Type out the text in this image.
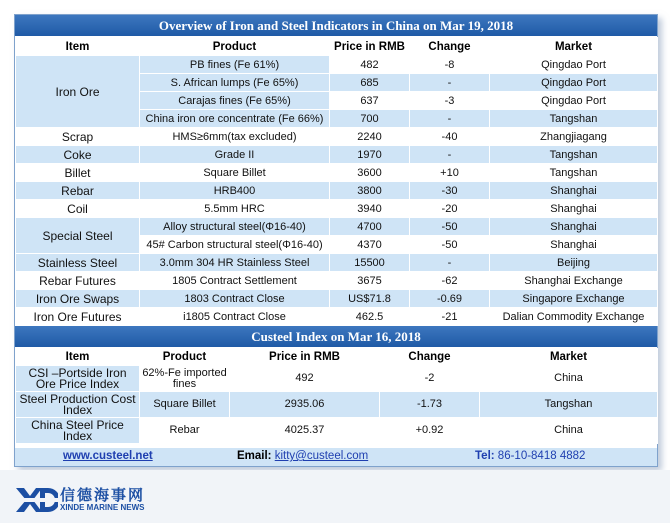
Overview of Iron and Steel Indicators in China on Mar 19, 2018
Item	Product	Price in RMB	Change	Market
Iron Ore	PB fines (Fe 61%)	482	-8	Qingdao Port
	S. African lumps (Fe 65%)	685	-	Qingdao Port
	Carajas fines (Fe 65%)	637	-3	Qingdao Port
	China iron ore concentrate (Fe 66%)	700	-	Tangshan
Scrap	HMS≥6mm(tax excluded)	2240	-40	Zhangjiagang
Coke	Grade II	1970	-	Tangshan
Billet	Square Billet	3600	+10	Tangshan
Rebar	HRB400	3800	-30	Shanghai
Coil	5.5mm HRC	3940	-20	Shanghai
Special Steel	Alloy structural steel(Φ16-40)	4700	-50	Shanghai
	45# Carbon structural steel(Φ16-40)	4370	-50	Shanghai
Stainless Steel	3.0mm 304 HR Stainless Steel	15500	-	Beijing
Rebar Futures	1805 Contract Settlement	3675	-62	Shanghai Exchange
Iron Ore Swaps	1803 Contract Close	US$71.8	-0.69	Singapore Exchange
Iron Ore Futures	i1805 Contract Close	462.5	-21	Dalian Commodity Exchange
Custeel Index on Mar 16, 2018
Item	Product	Price in RMB	Change	Market
CSI –Portside Iron Ore Price Index	62%-Fe imported fines	492	-2	China
Steel Production Cost Index	Square Billet	2935.06	-1.73	Tangshan
China Steel Price Index	Rebar	4025.37	+0.92	China
www.custeel.net	Email: kitty@custeel.com	Tel: 86-10-8418 4882
信德海事网
XINDE MARINE NEWS
